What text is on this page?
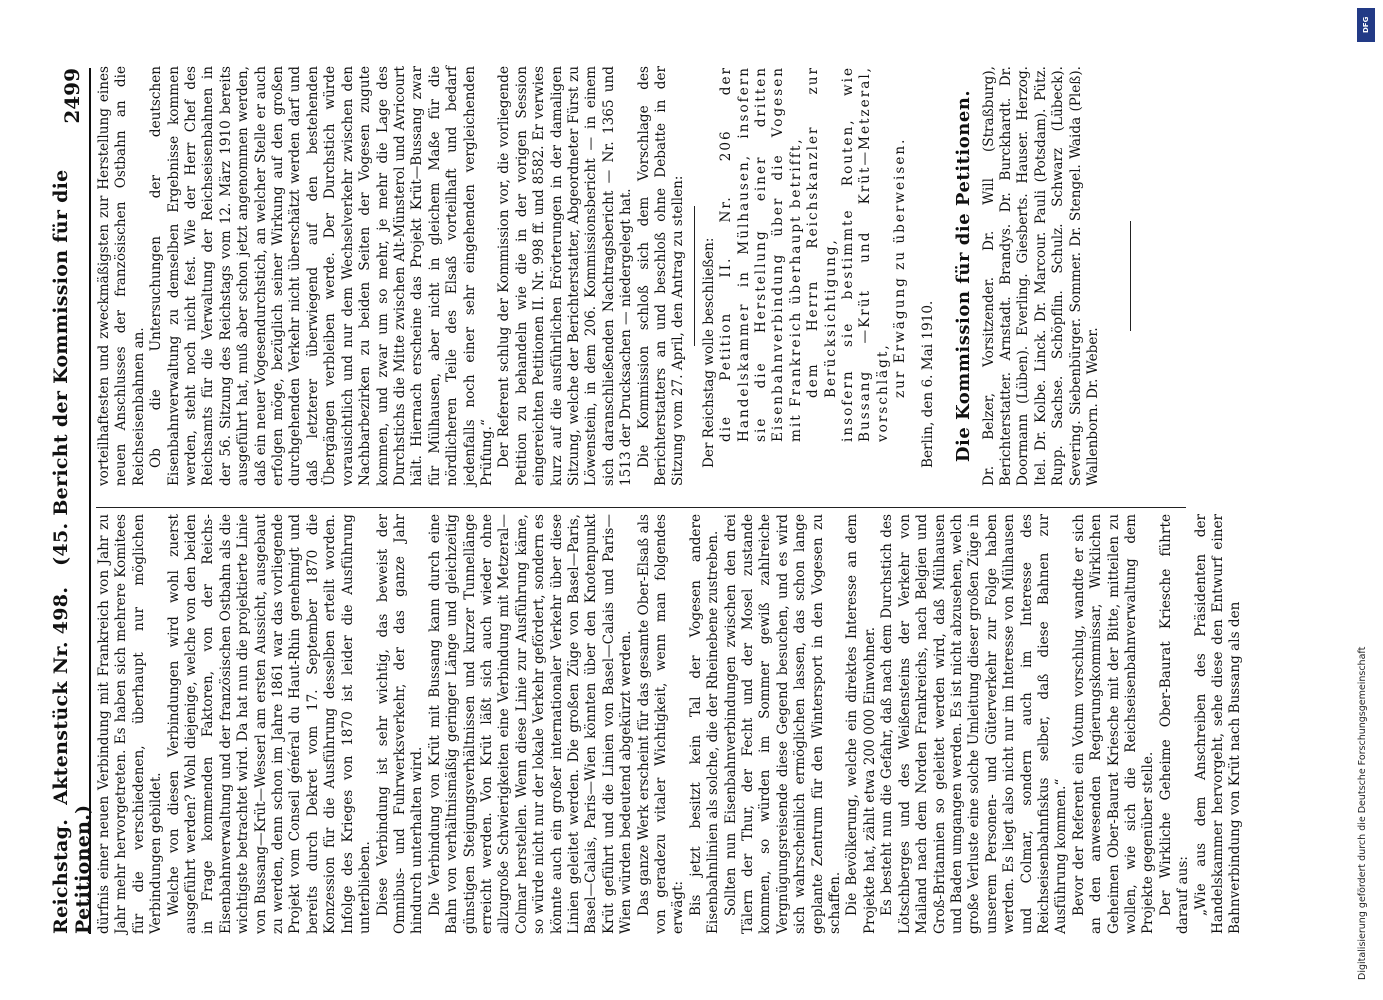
Reichstag.Aktenstück Nr. 498. (45. Bericht der Kommission für die Petitionen.)
2499

dürfnis einer neuen Verbindung mit Frankreich von Jahr zu Jahr mehr hervorgetreten. Es haben sich mehrere Komitees für die verschiedenen, überhaupt nur möglichen Verbindungen gebildet. Welche von diesen Verbindungen wird wohl zuerst ausgeführt werden? Wohl diejenige, welche von den beiden in Frage kommenden Faktoren, von der Reichs-Eisenbahnverwaltung und der französischen Ostbahn als die wichtigste betrachtet wird. Da hat nun die projektierte Linie von Bussang—Krüt—Wesserl am ersten Aussicht, ausgebaut zu werden, denn schon im Jahre 1861 war das vorliegende Projekt vom Conseil général du Haut-Rhin genehmigt und bereits durch Dekret vom 17. September 1870 die Konzession für die Ausführung desselben erteilt worden. Infolge des Krieges von 1870 ist leider die Ausführung unterblieben. Diese Verbindung ist sehr wichtig, das beweist der Omnibus- und Fuhrwerksverkehr, der das ganze Jahr hindurch unterhalten wird. Die Verbindung von Krüt mit Bussang kann durch eine Bahn von verhältnismäßig geringer Länge und gleichzeitig günstigen Steigungsverhältnissen und kurzer Tunnellänge erreicht werden. Von Krüt läßt sich auch wieder ohne allzugroße Schwierigkeiten eine Verbindung mit Metzeral—Colmar herstellen. Wenn diese Linie zur Ausführung käme, so würde nicht nur der lokale Verkehr gefördert, sondern es könnte auch ein großer internationaler Verkehr über diese Linien geleitet werden. Die großen Züge von Basel—Paris, Basel—Calais, Paris—Wien könnten über den Knotenpunkt Krüt geführt und die Linien von Basel—Calais und Paris—Wien würden bedeutend abgekürzt werden. Das ganze Werk erscheint für das gesamte Ober-Elsaß als von geradezu vitaler Wichtigkeit, wenn man folgendes erwägt: Bis jetzt besitzt kein Tal der Vogesen andere Eisenbahnlinien als solche, die der Rheinebene zustreben. Sollten nun Eisenbahnverbindungen zwischen den drei Tälern der Thur, der Fecht und der Mosel zustande kommen, so würden im Sommer gewiß zahlreiche Vergnügungsreisende diese Gegend besuchen, und es wird sich wahrscheinlich ermöglichen lassen, das schon lange geplante Zentrum für den Wintersport in den Vogesen zu schaffen. Die Bevölkerung, welche ein direktes Interesse an dem Projekte hat, zählt etwa 200 000 Einwohner. Es besteht nun die Gefahr, daß nach dem Durchstich des Lötschberges und des Weißensteins der Verkehr von Mailand nach dem Norden Frankreichs, nach Belgien und Groß-Britannien so geleitet werden wird, daß Mülhausen und Baden umgangen werden. Es ist nicht abzusehen, welch große Verluste eine solche Umleitung dieser großen Züge in unserem Personen- und Güterverkehr zur Folge haben werden. Es liegt also nicht nur im Interesse von Mülhausen und Colmar, sondern auch im Interesse des Reichseisenbahnfiskus selber, daß diese Bahnen zur Ausführung kommen.“ Bevor der Referent ein Votum vorschlug, wandte er sich an den anwesenden Regierungskommissar, Wirklichen Geheimen Ober-Baurat Kriesche mit der Bitte, mitteilen zu wollen, wie sich die Reichseisenbahnverwaltung dem Projekte gegenüber stelle. Der Wirkliche Geheime Ober-Baurat Kriesche führte darauf aus: „Wie aus dem Anschreiben des Präsidenten der Handelskammer hervorgeht, sehe diese den Entwurf einer Bahnverbindung von Krüt nach Bussang als den

vorteilhaftesten und zweckmäßigsten zur Herstellung eines neuen Anschlusses der französischen Ostbahn an die Reichseisenbahnen an. Ob die Untersuchungen der deutschen Eisenbahnverwaltung zu demselben Ergebnisse kommen werden, steht noch nicht fest. Wie der Herr Chef des Reichsamts für die Verwaltung der Reichseisenbahnen in der 56. Sitzung des Reichstags vom 12. März 1910 bereits ausgeführt hat, muß aber schon jetzt angenommen werden, daß ein neuer Vogesendurchstich, an welcher Stelle er auch erfolgen möge, bezüglich seiner Wirkung auf den großen durchgehenden Verkehr nicht überschätzt werden darf und daß letzterer überwiegend auf den bestehenden Übergängen verbleiben werde. Der Durchstich würde vorausichtlich und nur dem Wechselverkehr zwischen den Nachbarbezirken zu beiden Seiten der Vogesen zugute kommen, und zwar um so mehr, je mehr die Lage des Durchstichs die Mitte zwischen Alt-Münsterol und Avricourt hält. Hiernach erscheine das Projekt Krüt—Bussang zwar für Mülhausen, aber nicht in gleichem Maße für die nördlicheren Teile des Elsaß vorteilhaft und bedarf jedenfalls noch einer sehr eingehenden vergleichenden Prüfung.“ Der Referent schlug der Kommission vor, die vorliegende Petition zu behandeln wie die in der vorigen Session eingereichten Petitionen II. Nr. 998 ff. und 8582. Er verwies kurz auf die ausführlichen Erörterungen in der damaligen Sitzung, welche der Berichterstatter, Abgeordneter Fürst zu Löwenstein, in dem 206. Kommissionsbericht — in einem sich daranschließenden Nachtragsbericht — Nr. 1365 und 1513 der Drucksachen — niedergelegt hat. Die Kommission schloß sich dem Vorschlage des Berichterstatters an und beschloß ohne Debatte in der Sitzung vom 27. April, den Antrag zu stellen: Der Reichstag wolle beschließen: die Petition II. Nr. 206 der Handelskammer in Mülhausen, insofern sie die Herstellung einer dritten Eisenbahnverbindung über die Vogesen mit Frankreich überhaupt betrifft, dem Herrn Reichskanzler zur Berücksichtigung, insofern sie bestimmte Routen, wie Bussang —Krüt und Krüt—Metzeral, vorschlägt, zur Erwägung zu überweisen. Berlin, den 6. Mai 1910. Die Kommission für die Petitionen. Dr. Belzer, Vorsitzender. Dr. Will (Straßburg), Berichterstatter. Arnstadt. Brandys. Dr. Burckhardt. Dr. Doormann (Lüben). Everling. Giesberts. Hauser. Herzog. Itel. Dr. Kolbe. Linck. Dr. Marcour. Pauli (Potsdam). Pütz. Rupp. Sachse. Schöpflin. Schulz. Schwarz (Lübeck). Severing. Siebenbürger. Sommer. Dr. Stengel. Waida (Pleß). Wallenborn. Dr. Weber.

Digitalisierung gefördert durch die Deutsche Forschungsgemeinschaft
DFG
